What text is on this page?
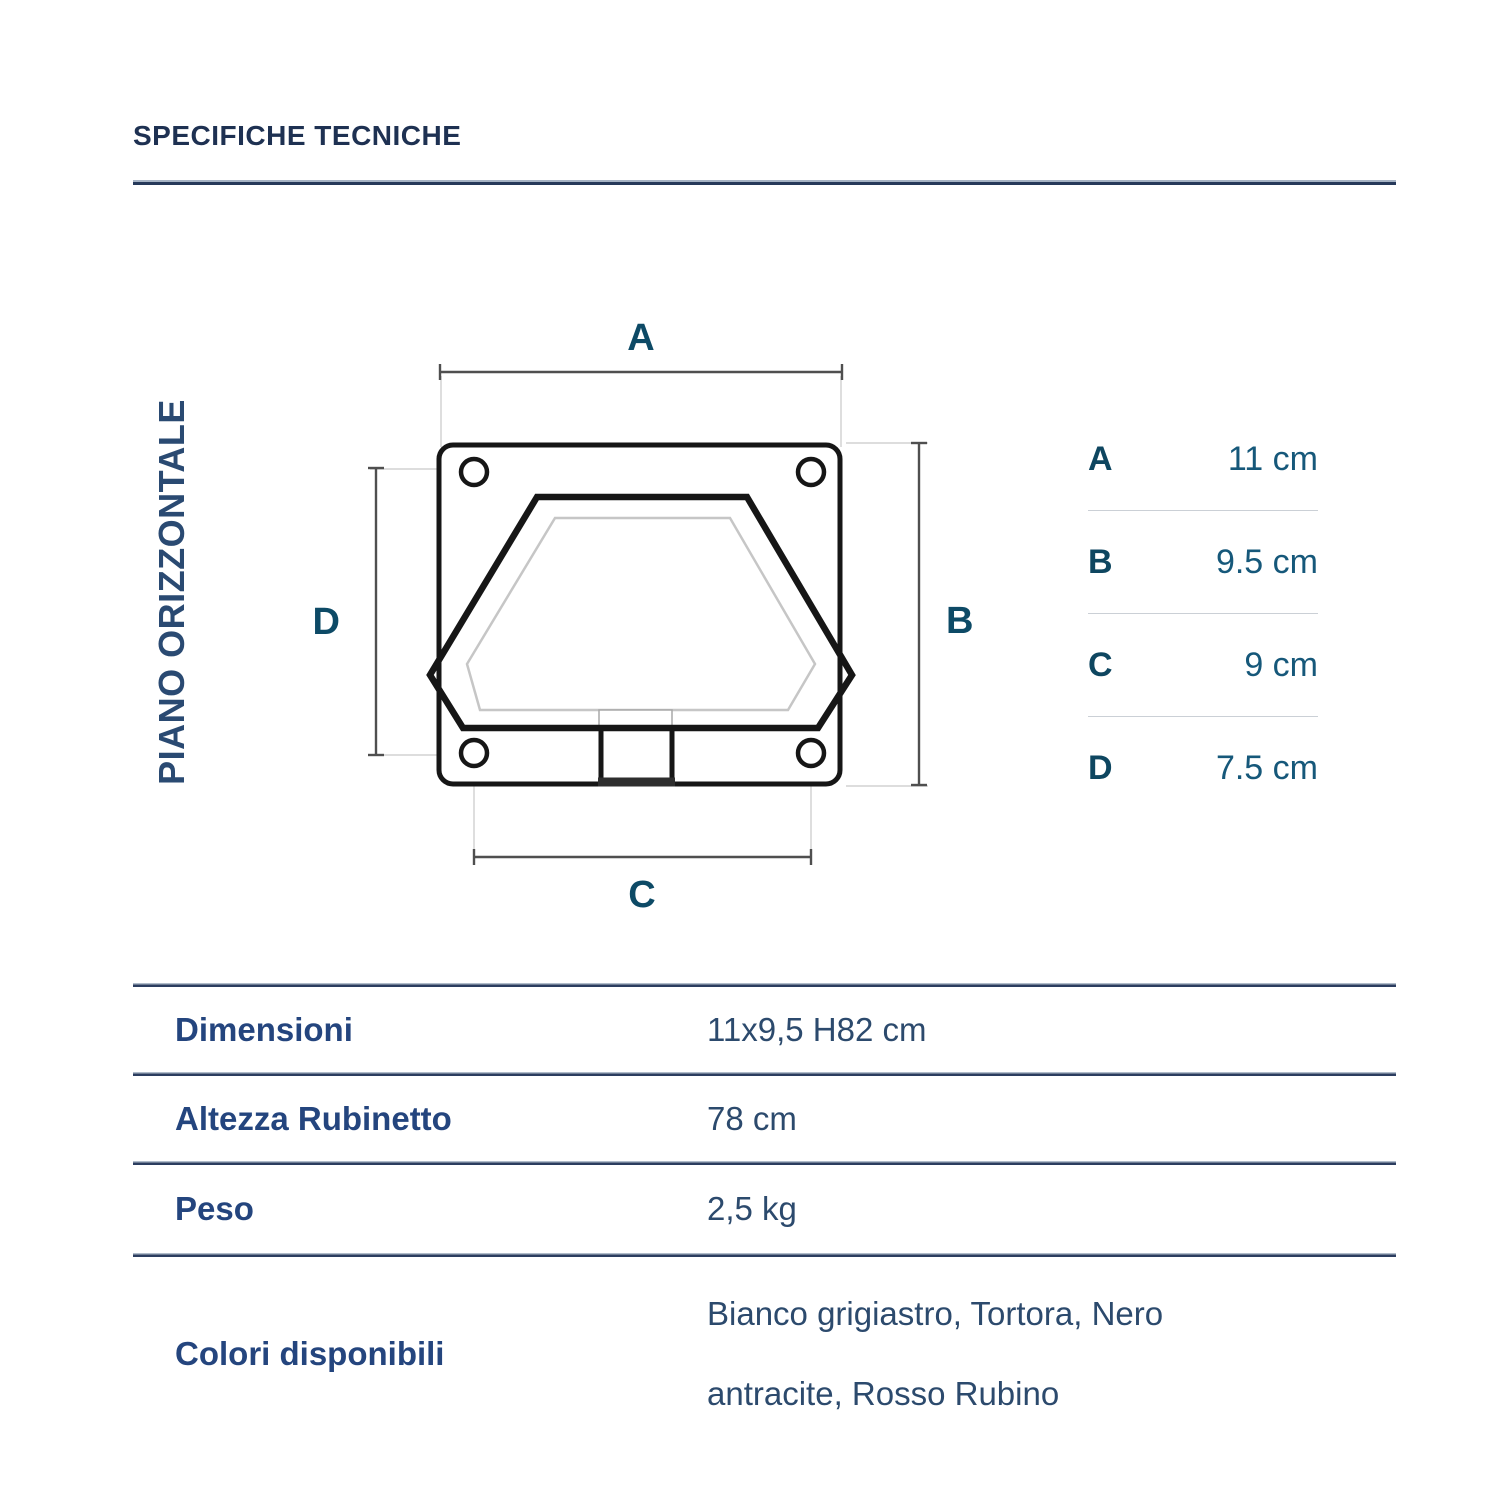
SPECIFICHE TECNICHE
PIANO ORIZZONTALE
A
B
C
D
A	11 cm
B	9.5 cm
C	9 cm
D	7.5 cm
Dimensioni	11x9,5 H82 cm
Altezza Rubinetto	78 cm
Peso	2,5 kg
Colori disponibili
Bianco grigiastro, Tortora, Nero antracite, Rosso Rubino
